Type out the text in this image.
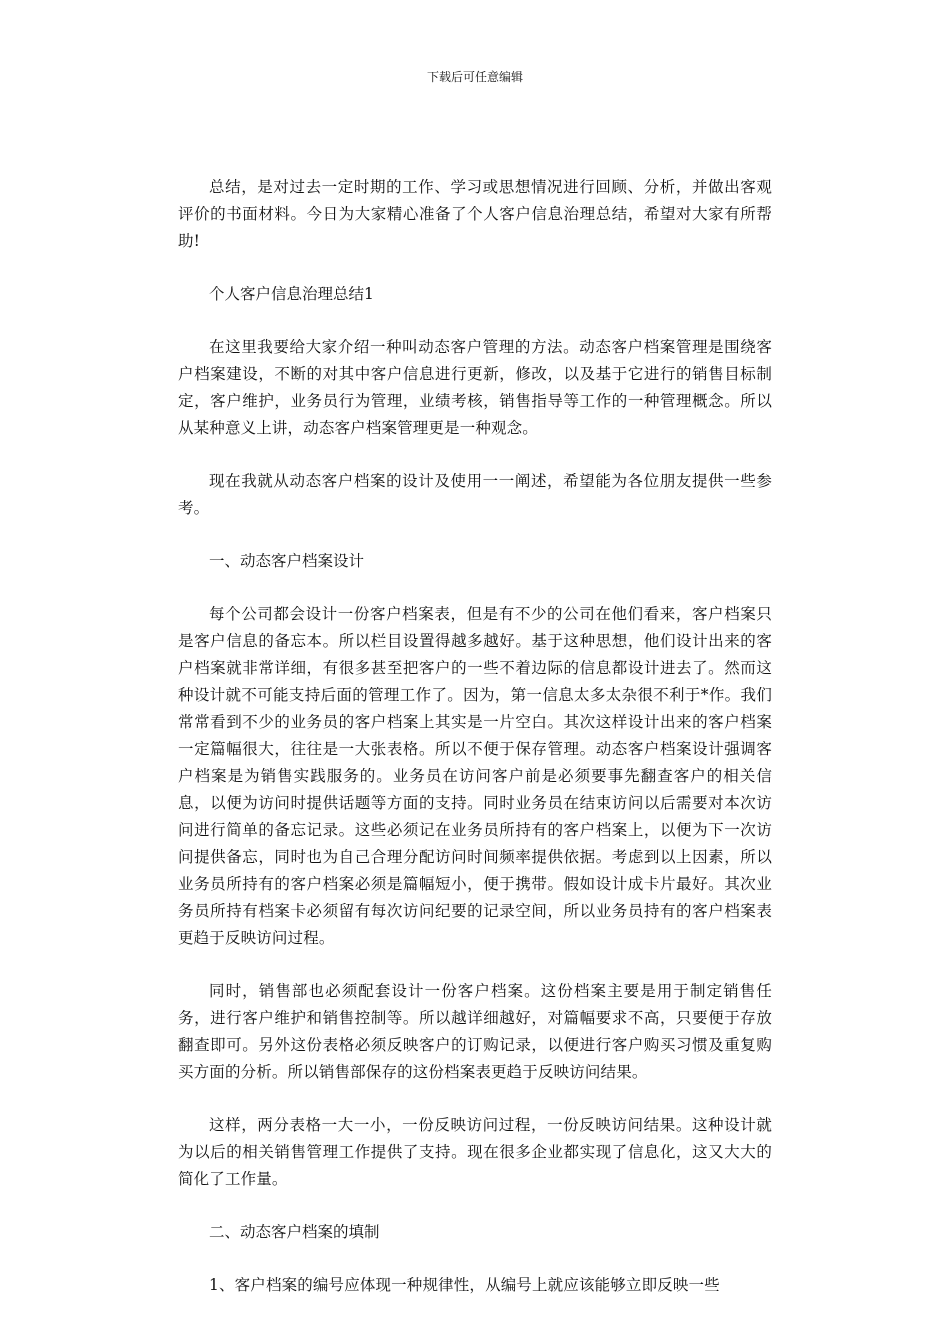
下载后可任意编辑

总结，是对过去一定时期的工作、学习或思想情况进行回顾、分析，并做出客观评价的书面材料。今日为大家精心准备了个人客户信息治理总结，希望对大家有所帮助!

个人客户信息治理总结1

在这里我要给大家介绍一种叫动态客户管理的方法。动态客户档案管理是围绕客户档案建设，不断的对其中客户信息进行更新，修改，以及基于它进行的销售目标制定，客户维护，业务员行为管理，业绩考核，销售指导等工作的一种管理概念。所以从某种意义上讲，动态客户档案管理更是一种观念。

现在我就从动态客户档案的设计及使用一一阐述，希望能为各位朋友提供一些参考。

一、动态客户档案设计

每个公司都会设计一份客户档案表，但是有不少的公司在他们看来，客户档案只是客户信息的备忘本。所以栏目设置得越多越好。基于这种思想，他们设计出来的客户档案就非常详细，有很多甚至把客户的一些不着边际的信息都设计进去了。然而这种设计就不可能支持后面的管理工作了。因为，第一信息太多太杂很不利于*作。我们常常看到不少的业务员的客户档案上其实是一片空白。其次这样设计出来的客户档案一定篇幅很大，往往是一大张表格。所以不便于保存管理。动态客户档案设计强调客户档案是为销售实践服务的。业务员在访问客户前是必须要事先翻查客户的相关信息，以便为访问时提供话题等方面的支持。同时业务员在结束访问以后需要对本次访问进行简单的备忘记录。这些必须记在业务员所持有的客户档案上，以便为下一次访问提供备忘，同时也为自己合理分配访问时间频率提供依据。考虑到以上因素，所以业务员所持有的客户档案必须是篇幅短小，便于携带。假如设计成卡片最好。其次业务员所持有档案卡必须留有每次访问纪要的记录空间，所以业务员持有的客户档案表更趋于反映访问过程。

同时，销售部也必须配套设计一份客户档案。这份档案主要是用于制定销售任务，进行客户维护和销售控制等。所以越详细越好，对篇幅要求不高，只要便于存放翻查即可。另外这份表格必须反映客户的订购记录，以便进行客户购买习惯及重复购买方面的分析。所以销售部保存的这份档案表更趋于反映访问结果。

这样，两分表格一大一小，一份反映访问过程，一份反映访问结果。这种设计就为以后的相关销售管理工作提供了支持。现在很多企业都实现了信息化，这又大大的简化了工作量。

二、动态客户档案的填制

1、客户档案的编号应体现一种规律性，从编号上就应该能够立即反映一些
